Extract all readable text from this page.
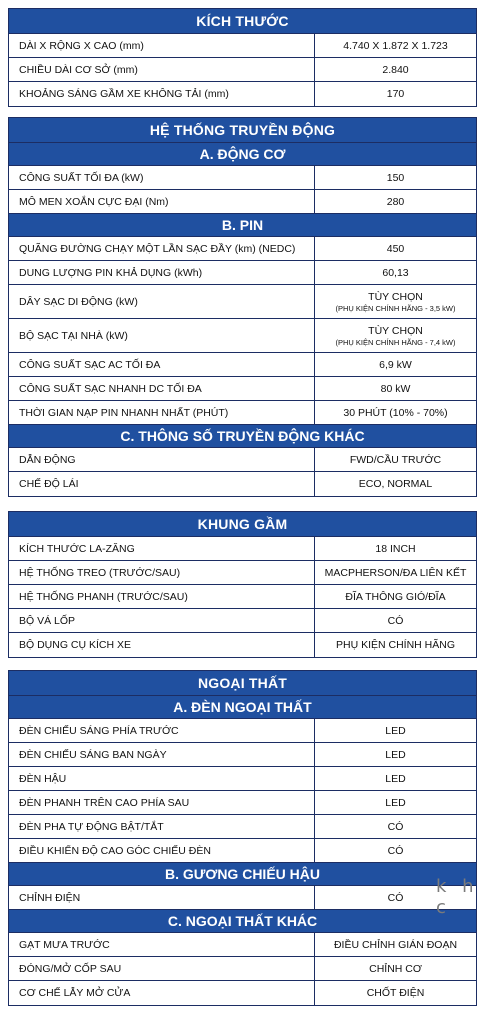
KÍCH THƯỚC
DÀI X RỘNG X CAO (mm)	4.740 X 1.872 X 1.723
CHIỀU DÀI CƠ SỞ (mm)	2.840
KHOẢNG SÁNG GẦM XE KHÔNG TẢI (mm)	170
HỆ THỐNG TRUYỀN ĐỘNG
A. ĐỘNG CƠ
CÔNG SUẤT TỐI ĐA (kW)	150
MÔ MEN XOẮN CỰC ĐẠI (Nm)	280
B. PIN
QUÃNG ĐƯỜNG CHẠY MỘT LẦN SẠC ĐẦY (km) (NEDC)	450
DUNG LƯỢNG PIN KHẢ DỤNG (kWh)	60,13
DÂY SẠC DI ĐỘNG (kW)	TÙY CHỌN
(PHỤ KIỆN CHÍNH HÃNG - 3,5 kW)
BỘ SẠC TẠI NHÀ (kW)	TÙY CHỌN
(PHỤ KIỆN CHÍNH HÃNG - 7,4 kW)
CÔNG SUẤT SẠC AC TỐI ĐA	6,9 kW
CÔNG SUẤT SẠC NHANH DC TỐI ĐA	80 kW
THỜI GIAN NẠP PIN NHANH NHẤT (PHÚT)	30 PHÚT (10% - 70%)
C. THÔNG SỐ TRUYỀN ĐỘNG KHÁC
DẪN ĐỘNG	FWD/CẦU TRƯỚC
CHẾ ĐỘ LÁI	ECO, NORMAL
KHUNG GẦM
KÍCH THƯỚC LA-ZĂNG	18 INCH
HỆ THỐNG TREO (TRƯỚC/SAU)	MACPHERSON/ĐA LIÊN KẾT
HỆ THỐNG PHANH (TRƯỚC/SAU)	ĐĨA THÔNG GIÓ/ĐĨA
BỘ VÁ LỐP	CÓ
BỘ DỤNG CỤ KÍCH XE	PHỤ KIỆN CHÍNH HÃNG
NGOẠI THẤT
A. ĐÈN NGOẠI THẤT
ĐÈN CHIẾU SÁNG PHÍA TRƯỚC	LED
ĐÈN CHIẾU SÁNG BAN NGÀY	LED
ĐÈN HẬU	LED
ĐÈN PHANH TRÊN CAO PHÍA SAU	LED
ĐÈN PHA TỰ ĐỘNG BẬT/TẮT	CÓ
ĐIỀU KHIỂN ĐỘ CAO GÓC CHIẾU ĐÈN	CÓ
B. GƯƠNG CHIẾU HẬU
CHỈNH ĐIỆN	CÓ
C. NGOẠI THẤT KHÁC
GẠT MƯA TRƯỚC	ĐIỀU CHỈNH GIÁN ĐOẠN
ĐÓNG/MỞ CỐP SAU	CHỈNH CƠ
CƠ CHẾ LẪY MỞ CỬA	CHỐT ĐIỆN
k h c
